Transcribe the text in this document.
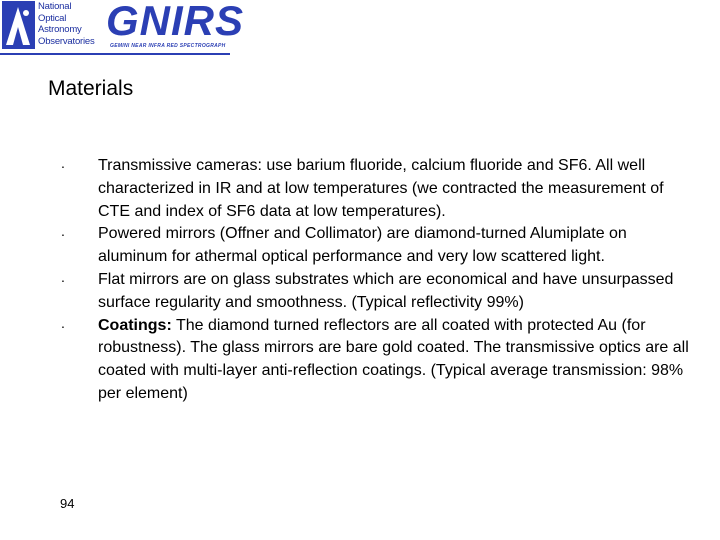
National
Optical
Astronomy
Observatories GNIRS
GEMINI NEAR INFRA RED SPECTROGRAPH
Materials
· Transmissive cameras: use barium fluoride, calcium fluoride and SF6. All well characterized in IR and at low temperatures (we contracted the measurement of CTE and index of SF6 data at low temperatures).
· Powered mirrors (Offner and Collimator) are diamond-turned Alumiplate on aluminum for athermal optical performance and very low scattered light.
· Flat mirrors are on glass substrates which are economical and have unsurpassed surface regularity and smoothness. (Typical reflectivity 99%)
· Coatings: The diamond turned reflectors are all coated with protected Au (for robustness). The glass mirrors are bare gold coated. The transmissive optics are all coated with multi-layer anti-reflection coatings. (Typical average transmission: 98% per element)
94
